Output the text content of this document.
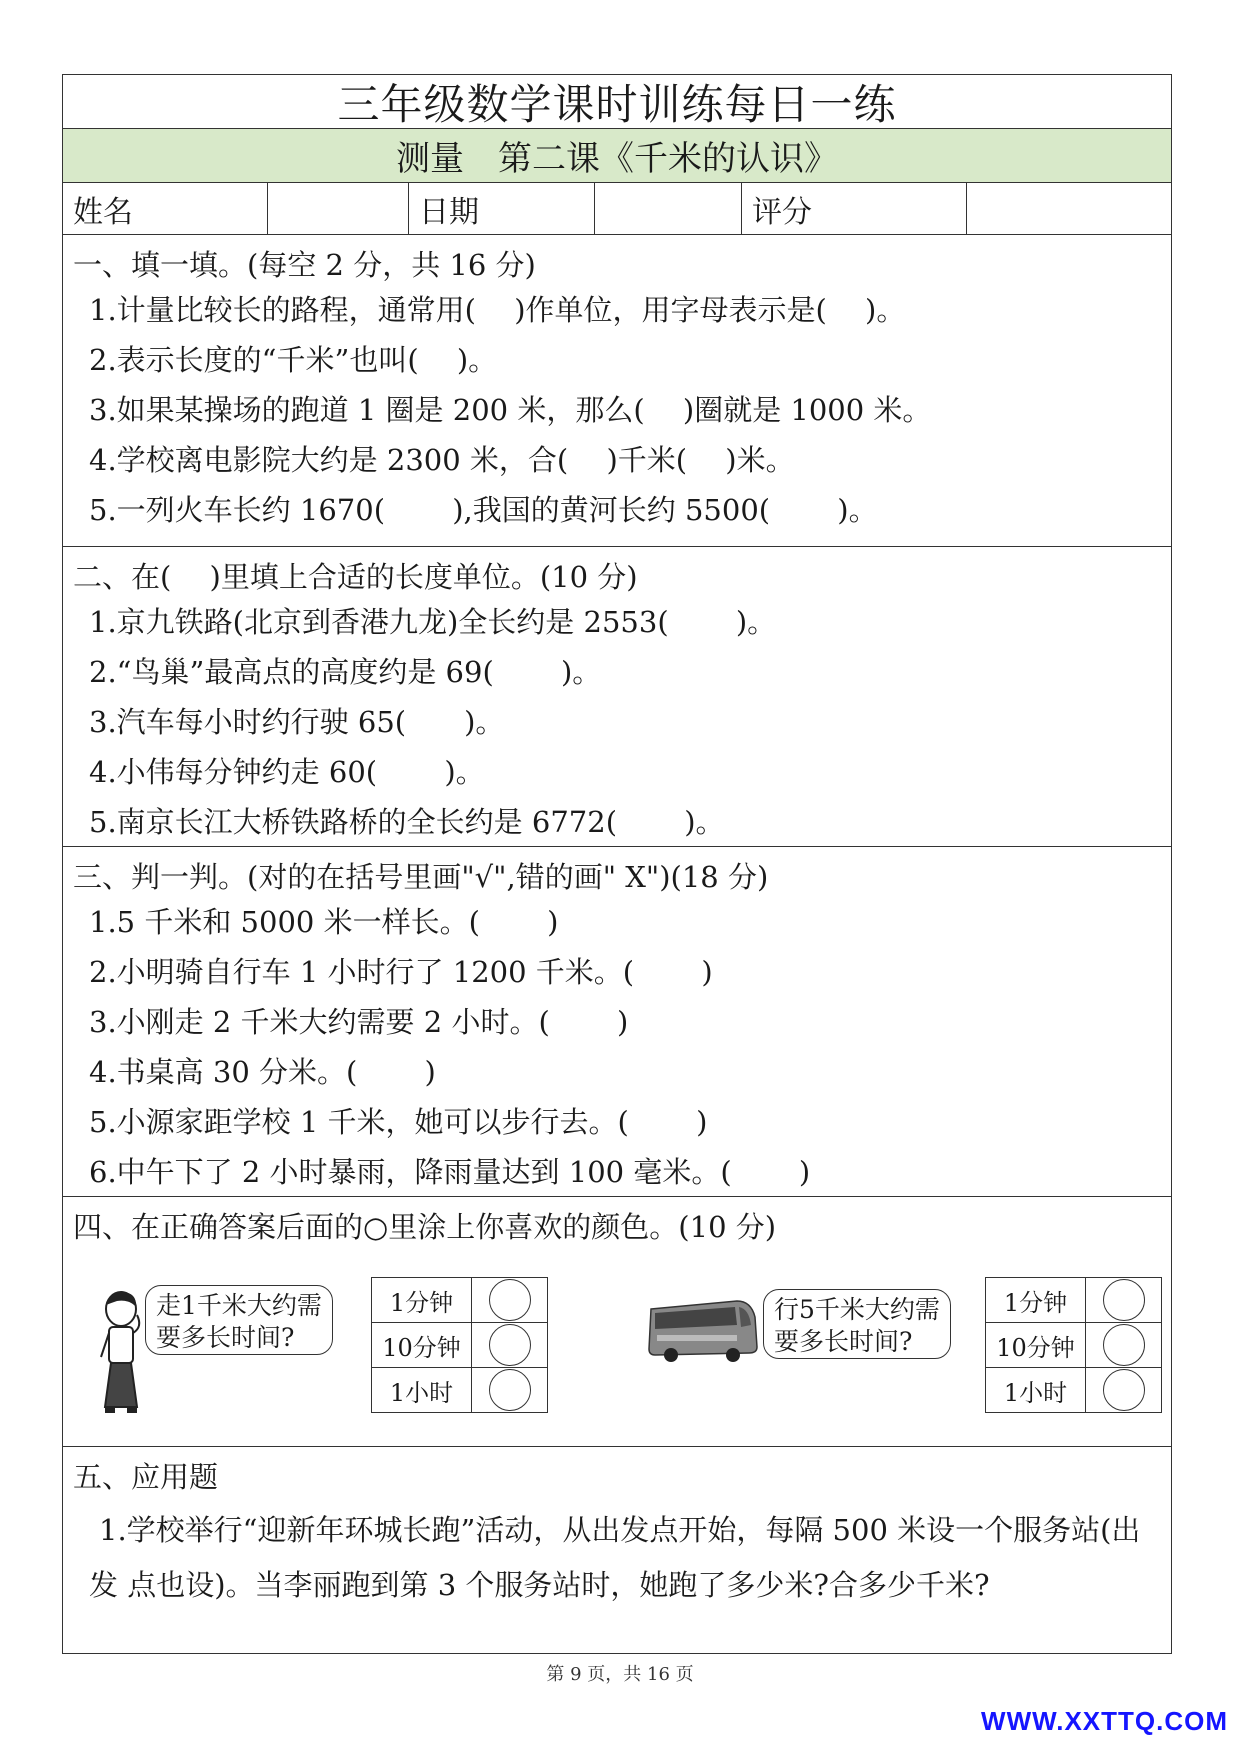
三年级数学课时训练每日一练
测量　第二课《千米的认识》
姓名	日期	评分
一、填一填。(每空 2 分，共 16 分)
1.计量比较长的路程，通常用(　 )作单位，用字母表示是(　 )。
2.表示长度的“千米”也叫(　 )。
3.如果某操场的跑道 1 圈是 200 米，那么(　 )圈就是 1000 米。
4.学校离电影院大约是 2300 米，合(　 )千米(　 )米。
5.一列火车长约 1670(　　 ),我国的黄河长约 5500(　　 )。
二、在(　 )里填上合适的长度单位。(10 分)
1.京九铁路(北京到香港九龙)全长约是 2553(　　 )。
2.“鸟巢”最高点的高度约是 69(　　 )。
3.汽车每小时约行驶 65(　　)。
4.小伟每分钟约走 60(　　 )。
5.南京长江大桥铁路桥的全长约是 6772(　　 )。
三、判一判。(对的在括号里画"√",错的画" X")(18 分)
1.5 千米和 5000 米一样长。(　　 )
2.小明骑自行车 1 小时行了 1200 千米。(　　 )
3.小刚走 2 千米大约需要 2 小时。(　　 )
4.书桌高 30 分米。(　　 )
5.小源家距学校 1 千米，她可以步行去。(　　 )
6.中午下了 2 小时暴雨，降雨量达到 100 毫米。(　　 )
四、在正确答案后面的○里涂上你喜欢的颜色。(10 分)
走1千米大约需
要多长时间?
1分钟	
10分钟	
1小时	
行5千米大约需
要多长时间?
1分钟	
10分钟	
1小时	
五、应用题
1.学校举行“迎新年环城长跑”活动，从出发点开始，每隔 500 米设一个服务站(出发 点也设)。当李丽跑到第 3 个服务站时，她跑了多少米?合多少千米?
第 9 页，共 16 页
WWW.XXTTQ.COM
